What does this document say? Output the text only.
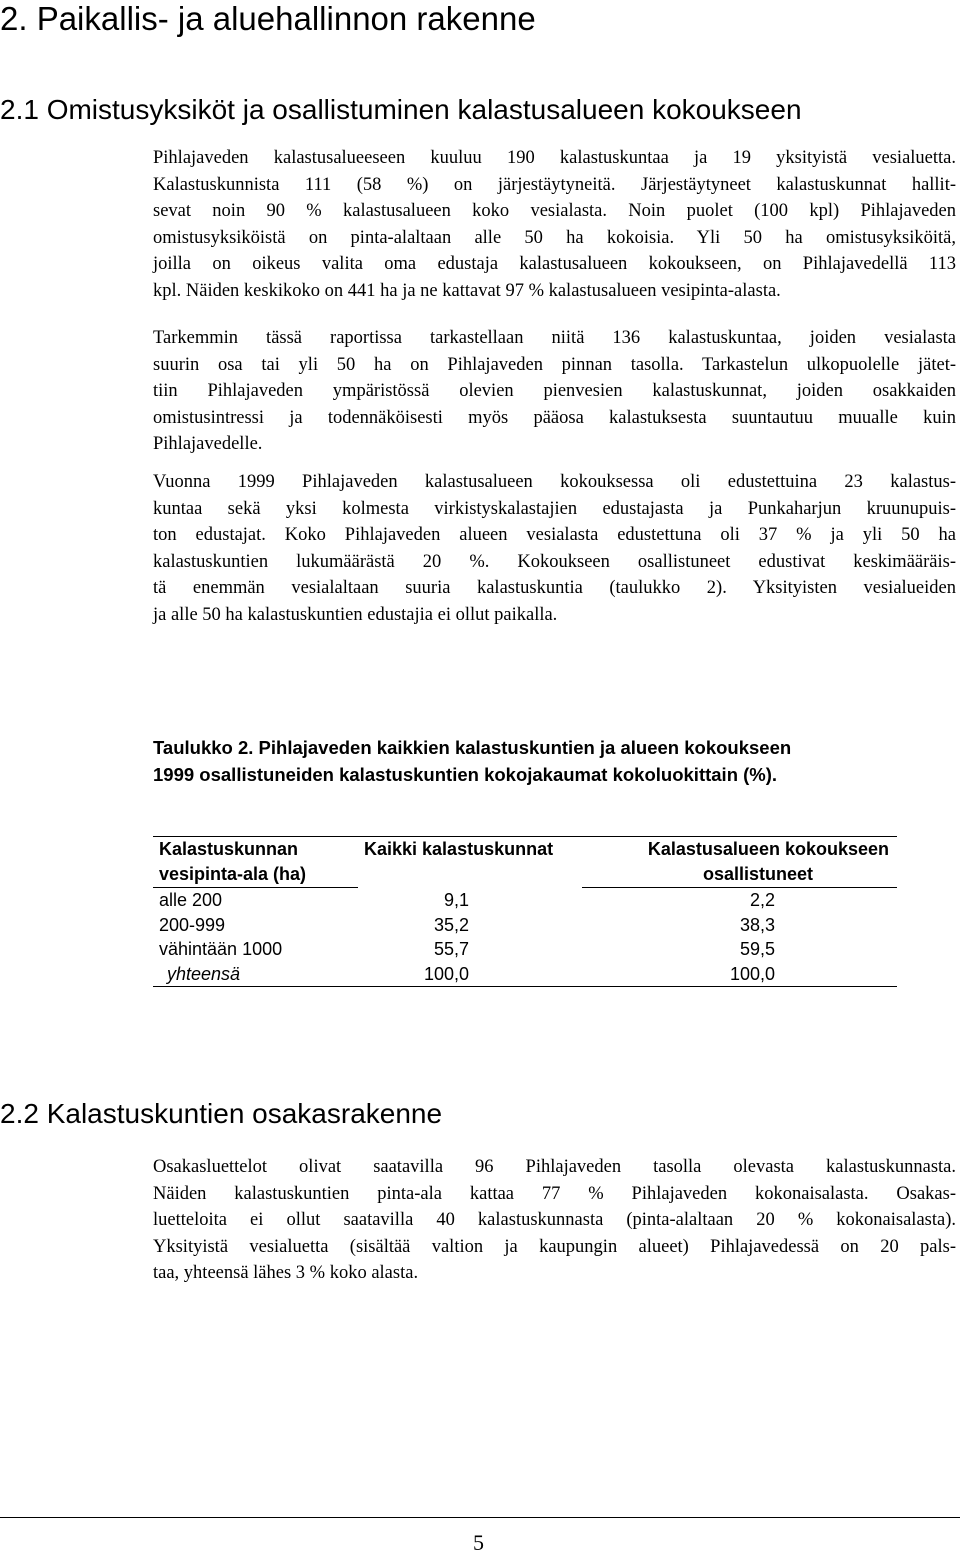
2. Paikallis- ja aluehallinnon rakenne
2.1 Omistusyksiköt ja osallistuminen kalastusalueen kokoukseen
Pihlajaveden kalastusalueeseen kuuluu 190 kalastuskuntaa ja 19 yksityistä vesialuetta.
Kalastuskunnista 111 (58 %) on järjestäytyneitä. Järjestäytyneet kalastuskunnat hallit-
sevat noin 90 % kalastusalueen koko vesialasta. Noin puolet (100 kpl) Pihlajaveden
omistusyksiköistä on pinta-alaltaan alle 50 ha kokoisia. Yli 50 ha omistusyksiköitä,
joilla on oikeus valita oma edustaja kalastusalueen kokoukseen, on Pihlajavedellä 113
kpl. Näiden keskikoko on 441 ha ja ne kattavat 97 % kalastusalueen vesipinta-alasta.
Tarkemmin tässä raportissa tarkastellaan niitä 136 kalastuskuntaa, joiden vesialasta
suurin osa tai yli 50 ha on Pihlajaveden pinnan tasolla. Tarkastelun ulkopuolelle jätet-
tiin Pihlajaveden ympäristössä olevien pienvesien kalastuskunnat, joiden osakkaiden
omistusintressi ja todennäköisesti myös pääosa kalastuksesta suuntautuu muualle kuin
Pihlajavedelle.
Vuonna 1999 Pihlajaveden kalastusalueen kokouksessa oli edustettuina 23 kalastus-
kuntaa sekä yksi kolmesta virkistyskalastajien edustajasta ja Punkaharjun kruunupuis-
ton edustajat. Koko Pihlajaveden alueen vesialasta edustettuna oli 37 % ja yli 50 ha
kalastuskuntien lukumäärästä 20 %. Kokoukseen osallistuneet edustivat keskimääräis-
tä enemmän vesialaltaan suuria kalastuskuntia (taulukko 2). Yksityisten vesialueiden
ja alle 50 ha kalastuskuntien edustajia ei ollut paikalla.
Taulukko 2. Pihlajaveden kaikkien kalastuskuntien ja alueen kokoukseen
1999 osallistuneiden kalastuskuntien kokojakaumat kokoluokittain (%).
Kalastuskunnan	Kaikki kalastuskunnat	Kalastusalueen kokoukseen
vesipinta-ala (ha)		osallistuneet
alle 200	9,1	2,2
200-999	35,2	38,3
vähintään 1000	55,7	59,5
yhteensä	100,0	100,0
2.2 Kalastuskuntien osakasrakenne
Osakasluettelot olivat saatavilla 96 Pihlajaveden tasolla olevasta kalastuskunnasta.
Näiden kalastuskuntien pinta-ala kattaa 77 % Pihlajaveden kokonaisalasta. Osakas-
luetteloita ei ollut saatavilla 40 kalastuskunnasta (pinta-alaltaan 20 % kokonaisalasta).
Yksityistä vesialuetta (sisältää valtion ja kaupungin alueet) Pihlajavedessä on 20 pals-
taa, yhteensä lähes 3 % koko alasta.
5
